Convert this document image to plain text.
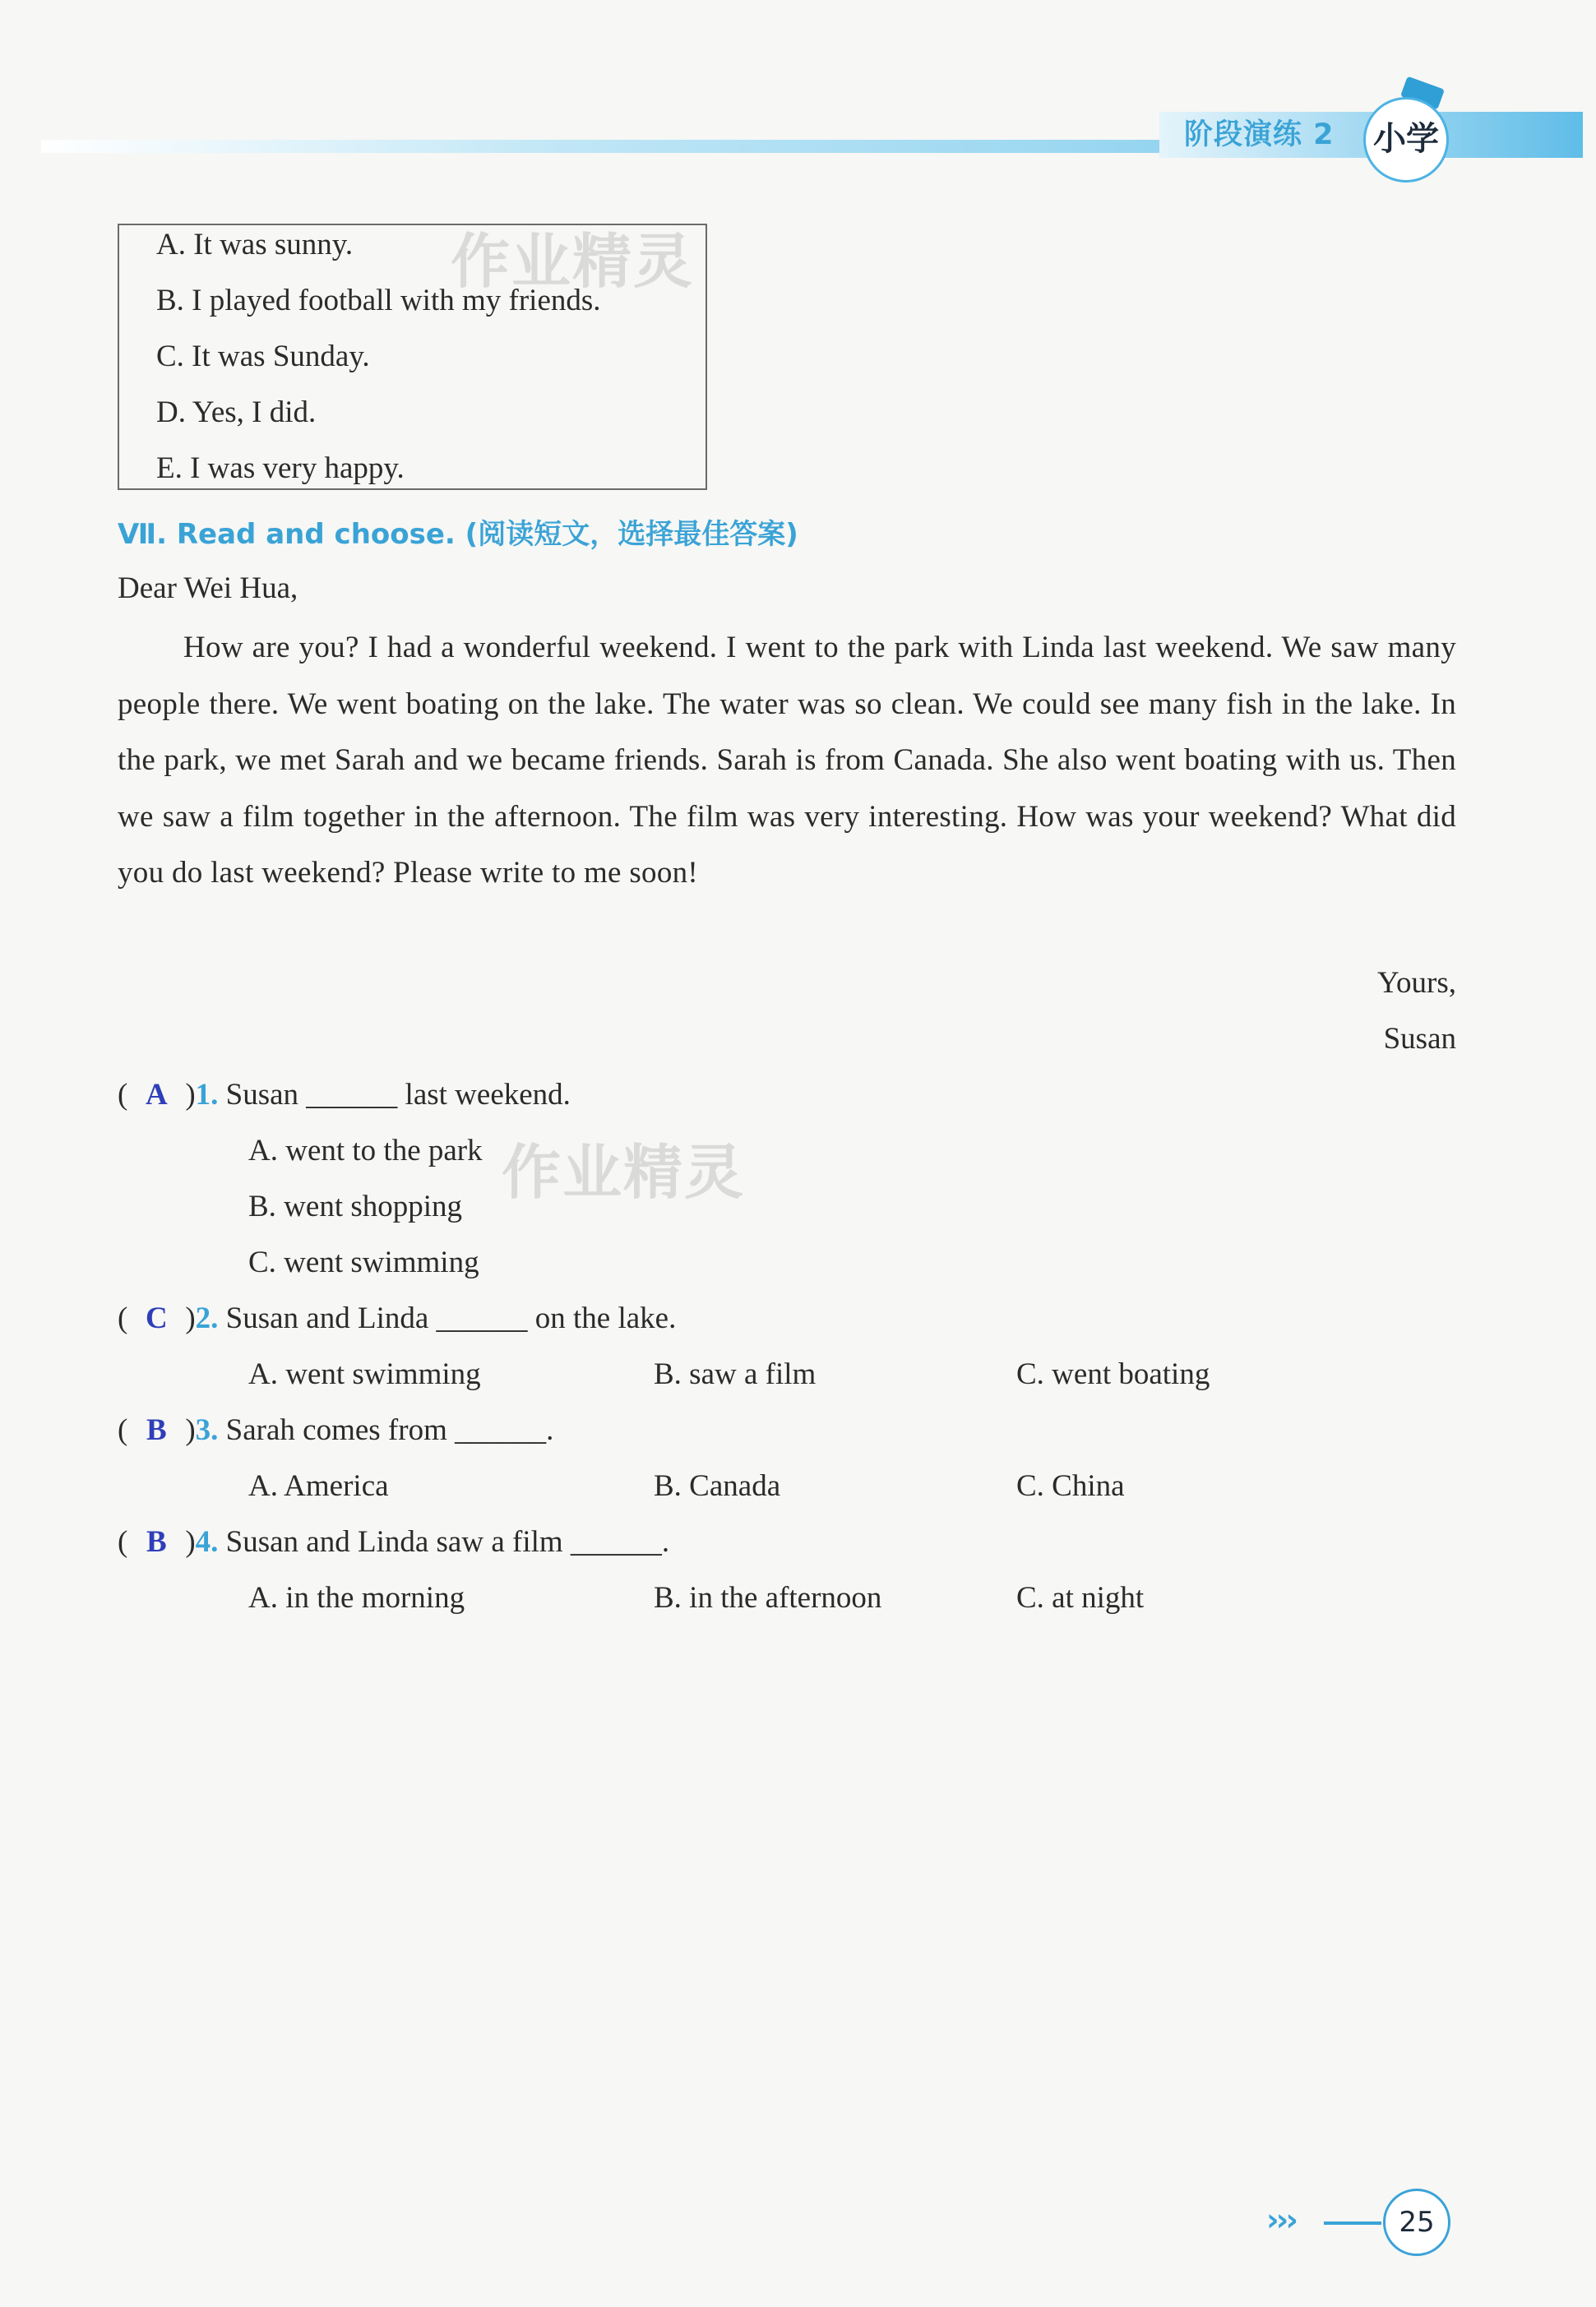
阶段演练 2	小学
A. It was sunny.
B. I played football with my friends.
C. It was Sunday.
D. Yes, I did.
E. I was very happy.
作业精灵
Ⅶ. Read and choose. (阅读短文，选择最佳答案)
Dear Wei Hua,
How are you? I had a wonderful weekend. I went to the park with Linda last weekend. We saw many people there. We went boating on the lake. The water was so clean. We could see many fish in the lake. In the park, we met Sarah and we became friends. Sarah is from Canada. She also went boating with us. Then we saw a film together in the afternoon. The film was very interesting. How was your weekend? What did you do last weekend? Please write to me soon!
Yours,
Susan
( A )1. Susan ______ last weekend.
A. went to the park
B. went shopping
C. went swimming
作业精灵
( C )2. Susan and Linda ______ on the lake.
A. went swimming	B. saw a film	C. went boating
( B )3. Sarah comes from ______.
A. America	B. Canada	C. China
( B )4. Susan and Linda saw a film ______.
A. in the morning	B. in the afternoon	C. at night
›››	25
